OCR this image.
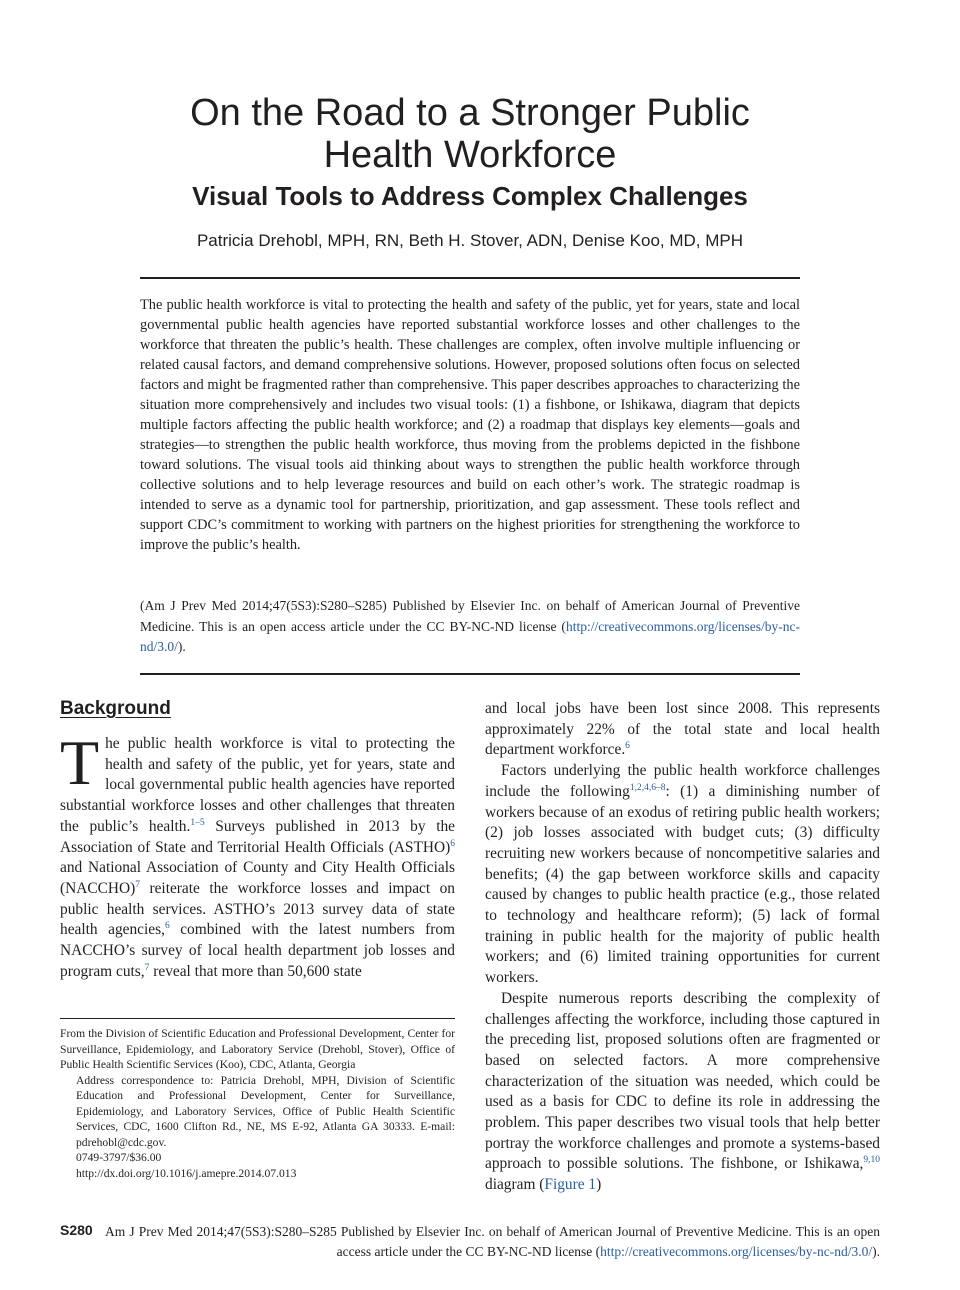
On the Road to a Stronger Public
Health Workforce
Visual Tools to Address Complex Challenges
Patricia Drehobl, MPH, RN, Beth H. Stover, ADN, Denise Koo, MD, MPH

The public health workforce is vital to protecting the health and safety of the public, yet for years, state and local governmental public health agencies have reported substantial workforce losses and other challenges to the workforce that threaten the public’s health. These challenges are complex, often involve multiple influencing or related causal factors, and demand comprehensive solutions. However, proposed solutions often focus on selected factors and might be fragmented rather than comprehensive. This paper describes approaches to characterizing the situation more comprehensively and includes two visual tools: (1) a fishbone, or Ishikawa, diagram that depicts multiple factors affecting the public health workforce; and (2) a roadmap that displays key elements—goals and strategies—to strengthen the public health workforce, thus moving from the problems depicted in the fishbone toward solutions. The visual tools aid thinking about ways to strengthen the public health workforce through collective solutions and to help leverage resources and build on each other’s work. The strategic roadmap is intended to serve as a dynamic tool for partnership, prioritization, and gap assessment. These tools reflect and support CDC’s commitment to working with partners on the highest priorities for strengthening the workforce to improve the public’s health.

(Am J Prev Med 2014;47(5S3):S280–S285) Published by Elsevier Inc. on behalf of American Journal of Preventive Medicine. This is an open access article under the CC BY-NC-ND license (http://creativecommons.org/licenses/by-nc-nd/3.0/).

Background

The public health workforce is vital to protecting the health and safety of the public, yet for years, state and local governmental public health agencies have reported substantial workforce losses and other challenges that threaten the public’s health.$^{1-5}$ Surveys published in 2013 by the Association of State and Territorial Health Officials (ASTHO)$^6$ and National Association of County and City Health Officials (NACCHO)$^7$ reiterate the workforce losses and impact on public health services. ASTHO’s 2013 survey data of state health agencies,$^6$ combined with the latest numbers from NACCHO’s survey of local health department job losses and program cuts,$^7$ reveal that more than 50,600 state

and local jobs have been lost since 2008. This represents approximately 22% of the total state and local health department workforce.$^6$

Factors underlying the public health workforce challenges include the following$^{1,2,4,6-8}$: (1) a diminishing number of workers because of an exodus of retiring public health workers; (2) job losses associated with budget cuts; (3) difficulty recruiting new workers because of noncompetitive salaries and benefits; (4) the gap between workforce skills and capacity caused by changes to public health practice (e.g., those related to technology and healthcare reform); (5) lack of formal training in public health for the majority of public health workers; and (6) limited training opportunities for current workers.

Despite numerous reports describing the complexity of challenges affecting the workforce, including those captured in the preceding list, proposed solutions often are fragmented or based on selected factors. A more comprehensive characterization of the situation was needed, which could be used as a basis for CDC to define its role in addressing the problem. This paper describes two visual tools that help better portray the workforce challenges and promote a systems-based approach to possible solutions. The fishbone, or Ishikawa,$^{9,10}$ diagram (Figure 1)

From the Division of Scientific Education and Professional Development, Center for Surveillance, Epidemiology, and Laboratory Service (Drehobl, Stover), Office of Public Health Scientific Services (Koo), CDC, Atlanta, Georgia

Address correspondence to: Patricia Drehobl, MPH, Division of Scientific Education and Professional Development, Center for Surveillance, Epidemiology, and Laboratory Services, Office of Public Health Scientific Services, CDC, 1600 Clifton Rd., NE, MS E-92, Atlanta GA 30333. E-mail: pdrehobl@cdc.gov.

0749-3797/$36.00

http://dx.doi.org/10.1016/j.amepre.2014.07.013

S280 Am J Prev Med 2014;47(5S3):S280–S285 Published by Elsevier Inc. on behalf of American Journal of Preventive Medicine. This is an open access article under the CC BY-NC-ND license (http://creativecommons.org/licenses/by-nc-nd/3.0/).
